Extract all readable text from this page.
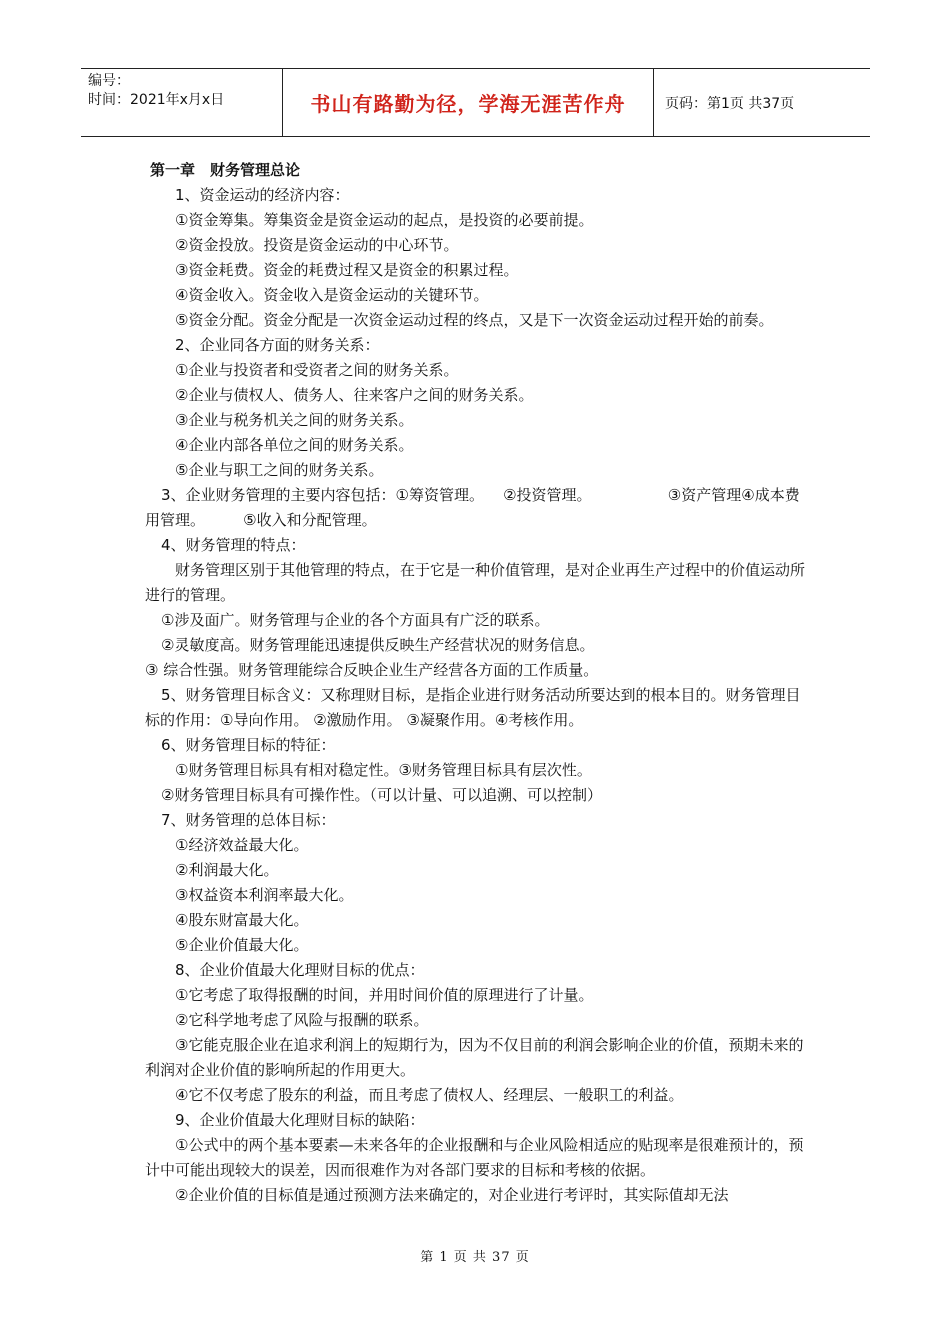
编号：
时间：2021年x月x日	书山有路勤为径，学海无涯苦作舟	页码：第1页 共37页

第一章　财务管理总论

1、资金运动的经济内容：

①资金筹集。筹集资金是资金运动的起点，是投资的必要前提。

②资金投放。投资是资金运动的中心环节。

③资金耗费。资金的耗费过程又是资金的积累过程。

④资金收入。资金收入是资金运动的关键环节。

⑤资金分配。资金分配是一次资金运动过程的终点，又是下一次资金运动过程开始的前奏。

2、企业同各方面的财务关系：

①企业与投资者和受资者之间的财务关系。

②企业与债权人、债务人、往来客户之间的财务关系。

③企业与税务机关之间的财务关系。

④企业内部各单位之间的财务关系。

⑤企业与职工之间的财务关系。

3、企业财务管理的主要内容包括：①筹资管理。    ②投资管理。                ③资产管理④成本费用管理。        ⑤收入和分配管理。

4、财务管理的特点：

财务管理区别于其他管理的特点，在于它是一种价值管理，是对企业再生产过程中的价值运动所进行的管理。

①涉及面广。财务管理与企业的各个方面具有广泛的联系。

②灵敏度高。财务管理能迅速提供反映生产经营状况的财务信息。

③ 综合性强。财务管理能综合反映企业生产经营各方面的工作质量。

5、财务管理目标含义：又称理财目标，是指企业进行财务活动所要达到的根本目的。财务管理目标的作用：①导向作用。 ②激励作用。 ③凝聚作用。④考核作用。

6、财务管理目标的特征：

①财务管理目标具有相对稳定性。③财务管理目标具有层次性。

②财务管理目标具有可操作性。（可以计量、可以追溯、可以控制）

7、财务管理的总体目标：

①经济效益最大化。

②利润最大化。

③权益资本利润率最大化。

④股东财富最大化。

⑤企业价值最大化。

8、企业价值最大化理财目标的优点：

①它考虑了取得报酬的时间，并用时间价值的原理进行了计量。

②它科学地考虑了风险与报酬的联系。

③它能克服企业在追求利润上的短期行为，因为不仅目前的利润会影响企业的价值，预期未来的利润对企业价值的影响所起的作用更大。

④它不仅考虑了股东的利益，而且考虑了债权人、经理层、一般职工的利益。

9、企业价值最大化理财目标的缺陷：

①公式中的两个基本要素—未来各年的企业报酬和与企业风险相适应的贴现率是很难预计的，预计中可能出现较大的误差，因而很难作为对各部门要求的目标和考核的依据。

②企业价值的目标值是通过预测方法来确定的，对企业进行考评时，其实际值却无法

第 1 页 共 37 页
